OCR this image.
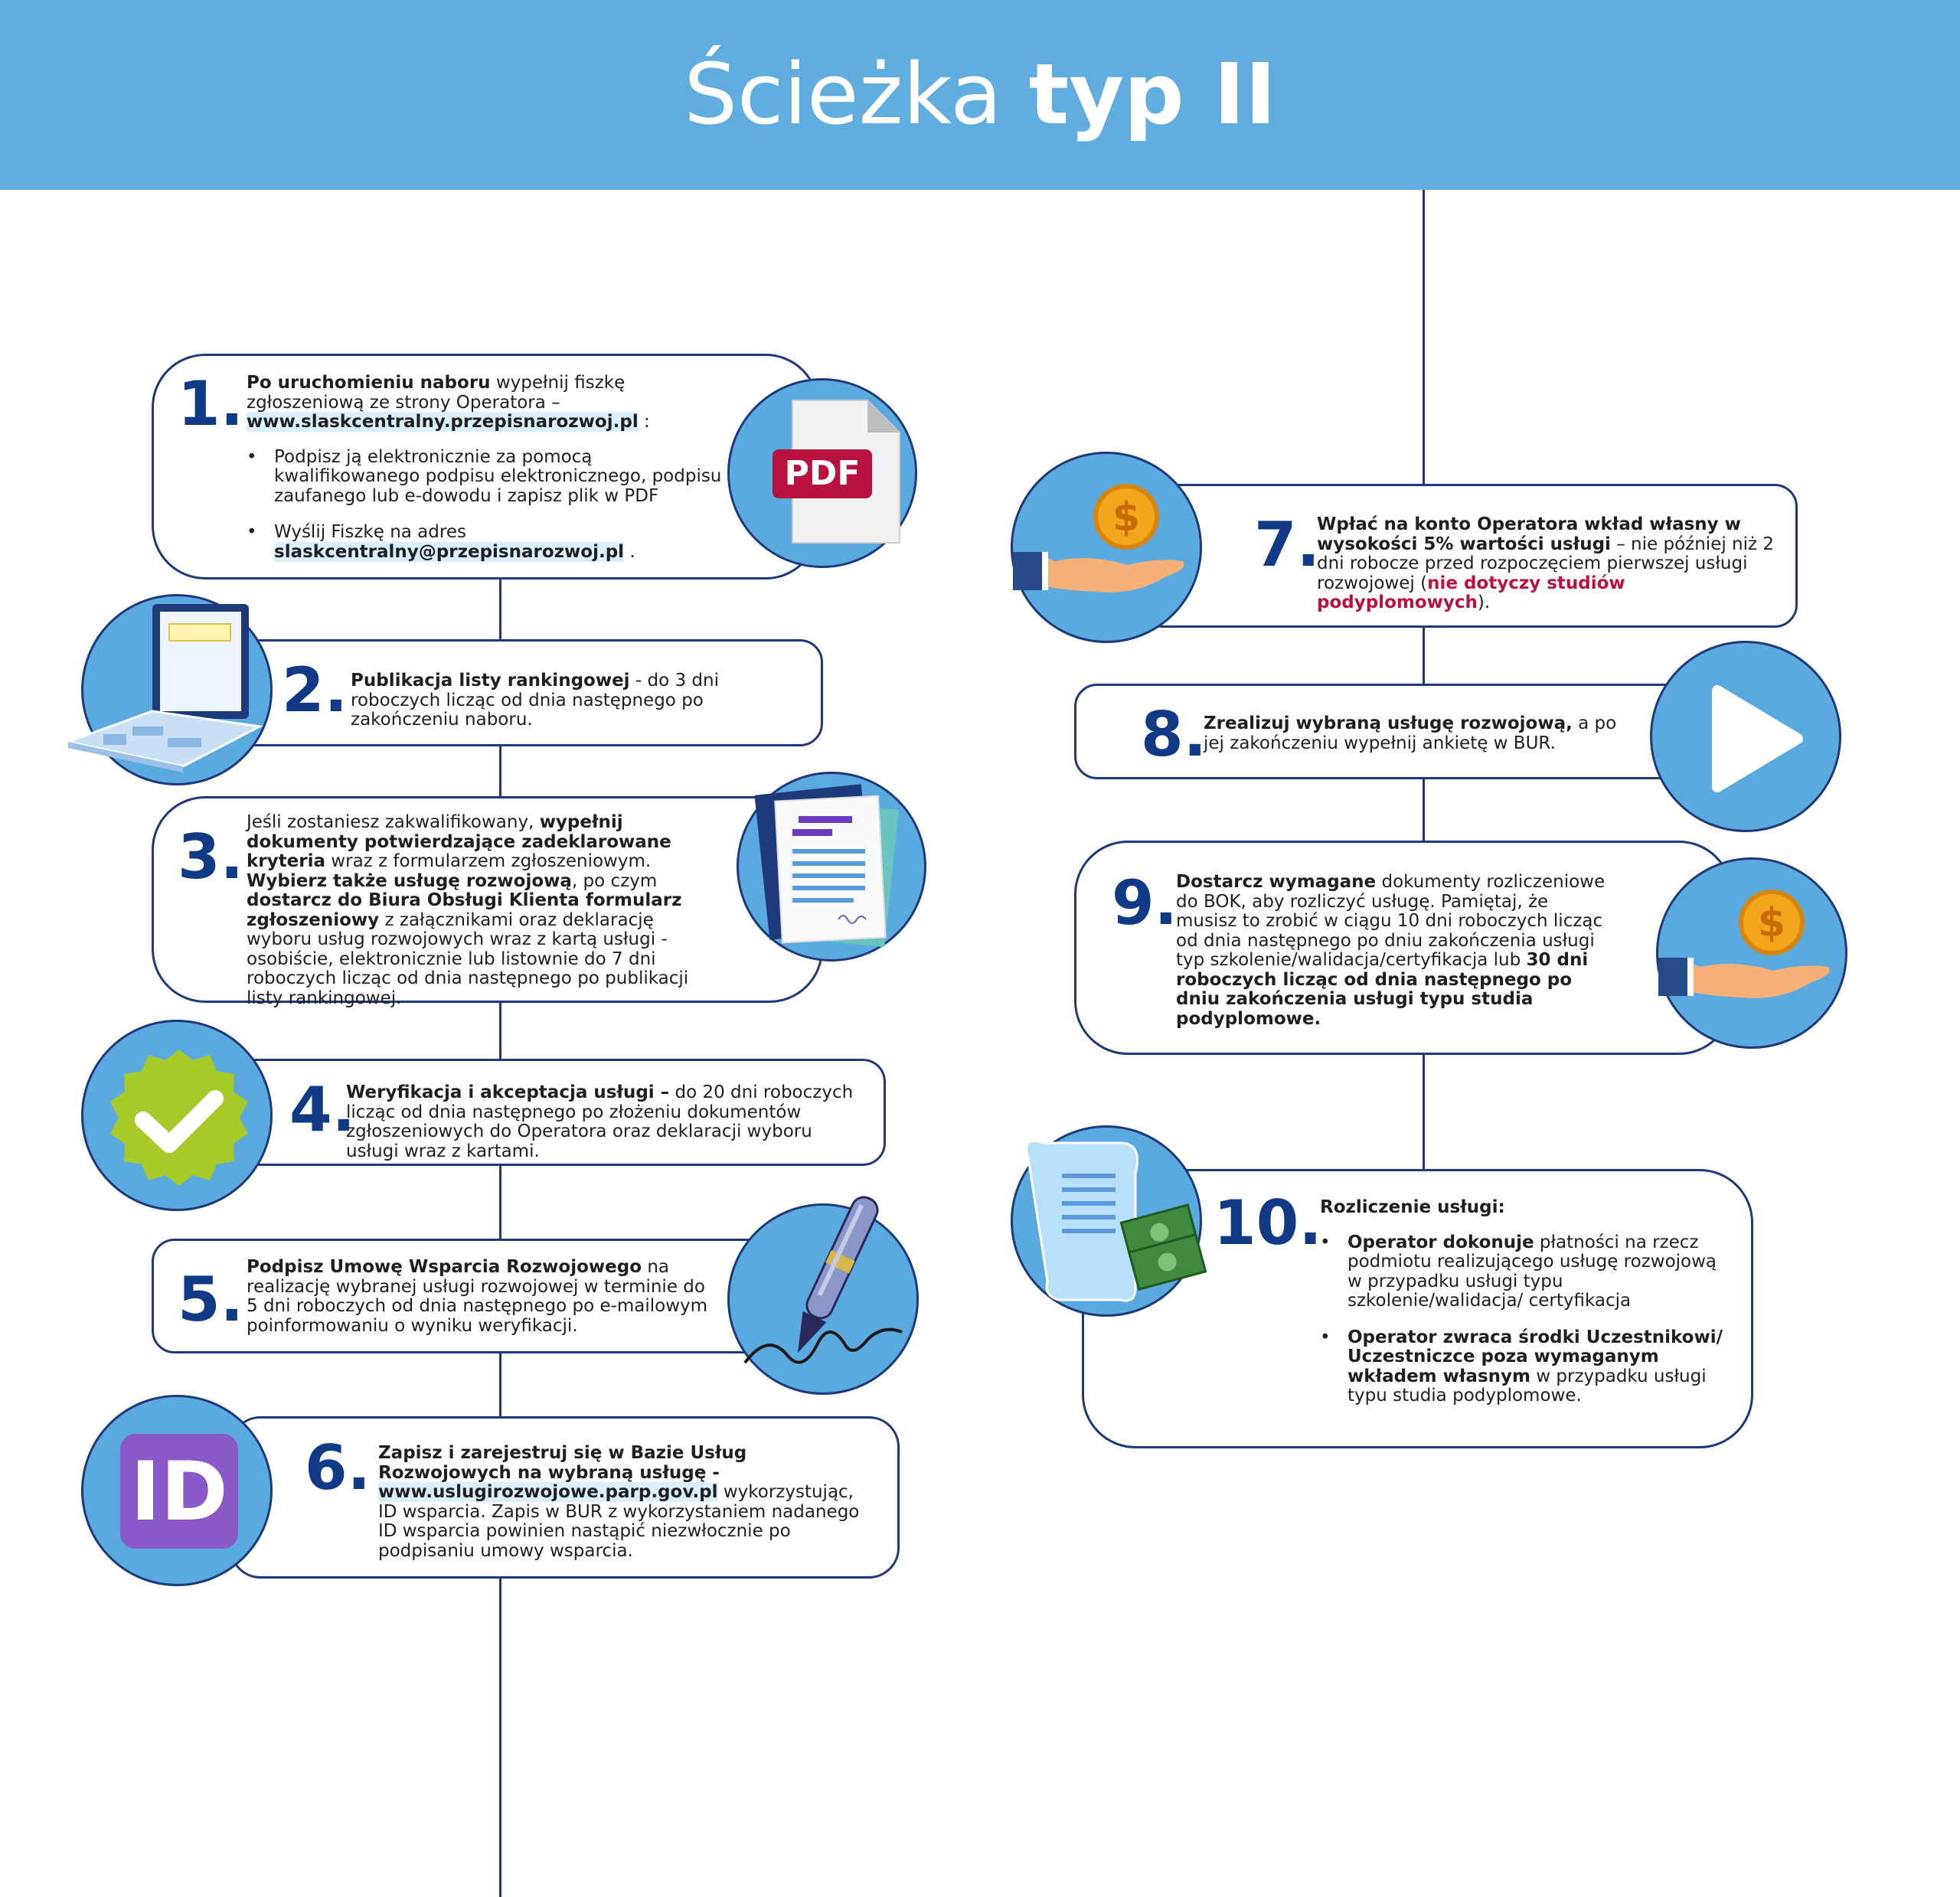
Ścieżka typ II
1. Po uruchomieniu naboru wypełnij fiszkę zgłoszeniową ze strony Operatora –
www.slaskcentralny.przepisnarozwoj.pl :
• Podpisz ją elektronicznie za pomocą kwalifikowanego podpisu elektronicznego, podpisu zaufanego lub e-dowodu i zapisz plik w PDF
• Wyślij Fiszkę na adres
slaskcentralny@przepisnarozwoj.pl .
PDF
2. Publikacja listy rankingowej - do 3 dni roboczych licząc od dnia następnego po zakończeniu naboru.
3. Jeśli zostaniesz zakwalifikowany, wypełnij dokumenty potwierdzające zadeklarowane kryteria wraz z formularzem zgłoszeniowym. Wybierz także usługę rozwojową, po czym dostarcz do Biura Obsługi Klienta formularz zgłoszeniowy z załącznikami oraz deklarację wyboru usług rozwojowych wraz z kartą usługi - osobiście, elektronicznie lub listownie do 7 dni roboczych licząc od dnia następnego po publikacji listy rankingowej.
4.
Weryfikacja i akceptacja usługi – do 20 dni roboczych licząc od dnia następnego po złożeniu dokumentów zgłoszeniowych do Operatora oraz deklaracji wyboru usługi wraz z kartami.
5. Podpisz Umowę Wsparcia Rozwojowego na realizację wybranej usługi rozwojowej w terminie do 5 dni roboczych od dnia następnego po e-mailowym poinformowaniu o wyniku weryfikacji.
ID 6. Zapisz i zarejestruj się w Bazie Usług Rozwojowych na wybraną usługę - www.uslugirozwojowe.parp.gov.pl wykorzystując, ID wsparcia. Zapis w BUR z wykorzystaniem nadanego ID wsparcia powinien nastąpić niezwłocznie po podpisaniu umowy wsparcia.
$ 7.
Wpłać na konto Operatora wkład własny w wysokości 5% wartości usługi – nie później niż 2 dni robocze przed rozpoczęciem pierwszej usługi rozwojowej (nie dotyczy studiów podyplomowych).
8.
Zrealizuj wybraną usługę rozwojową, a po jej zakończeniu wypełnij ankietę w BUR.
9.
Dostarcz wymagane dokumenty rozliczeniowe do BOK, aby rozliczyć usługę. Pamiętaj, że musisz to zrobić w ciągu 10 dni roboczych licząc od dnia następnego po dniu zakończenia usługi typ szkolenie/walidacja/certyfikacja lub 30 dni roboczych licząc od dnia następnego po dniu zakończenia usługi typu studia podyplomowe.
$
10.
Rozliczenie usługi:
• Operator dokonuje płatności na rzecz podmiotu realizującego usługę rozwojową w przypadku usługi typu szkolenie/walidacja/ certyfikacja
• Operator zwraca środki Uczestnikowi/ Uczestniczce poza wymaganym wkładem własnym w przypadku usługi typu studia podyplomowe.
